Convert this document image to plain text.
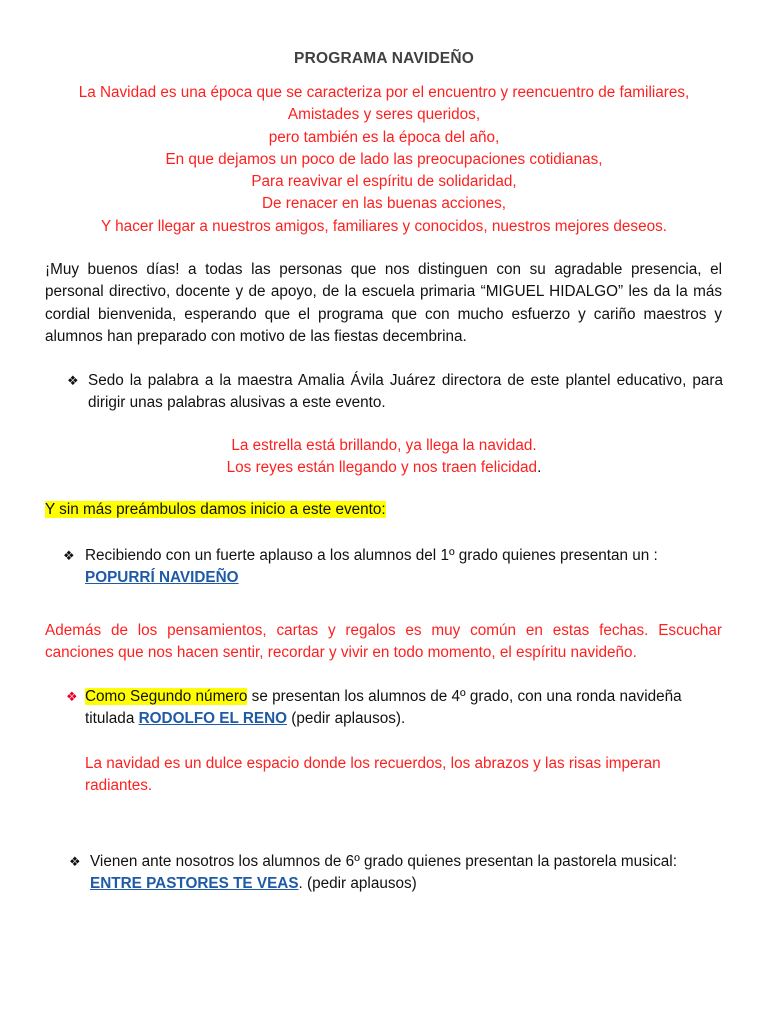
PROGRAMA NAVIDEÑO
La Navidad es una época que se caracteriza por el encuentro y reencuentro de familiares,
Amistades y seres queridos,
pero también es la época del año,
En que dejamos un poco de lado las preocupaciones cotidianas,
Para reavivar el espíritu de solidaridad,
De renacer en las buenas acciones,
Y hacer llegar a nuestros amigos, familiares y conocidos, nuestros mejores deseos.
¡Muy buenos días! a todas las personas que nos distinguen con su agradable presencia, el personal directivo, docente y de apoyo, de la escuela primaria “MIGUEL HIDALGO” les da la más cordial bienvenida, esperando que el programa que con mucho esfuerzo y cariño maestros y alumnos han preparado con motivo de las fiestas decembrina.
❖ Sedo la palabra a la maestra Amalia Ávila Juárez directora de este plantel educativo, para dirigir unas palabras alusivas a este evento.
La estrella está brillando, ya llega la navidad.
Los reyes están llegando y nos traen felicidad.
Y sin más preámbulos damos inicio a este evento:
❖ Recibiendo con un fuerte aplauso a los alumnos del 1º grado quienes presentan un :
POPURRÍ NAVIDEÑO
Además de los pensamientos, cartas y regalos es muy común en estas fechas. Escuchar canciones que nos hacen sentir, recordar y vivir en todo momento, el espíritu navideño.
❖ Como Segundo número se presentan los alumnos de 4º grado, con una ronda navideña titulada RODOLFO EL RENO (pedir aplausos).
La navidad es un dulce espacio donde los recuerdos, los abrazos y las risas imperan radiantes.
❖ Vienen ante nosotros los alumnos de 6º grado quienes presentan la pastorela musical:
ENTRE PASTORES TE VEAS. (pedir aplausos)
